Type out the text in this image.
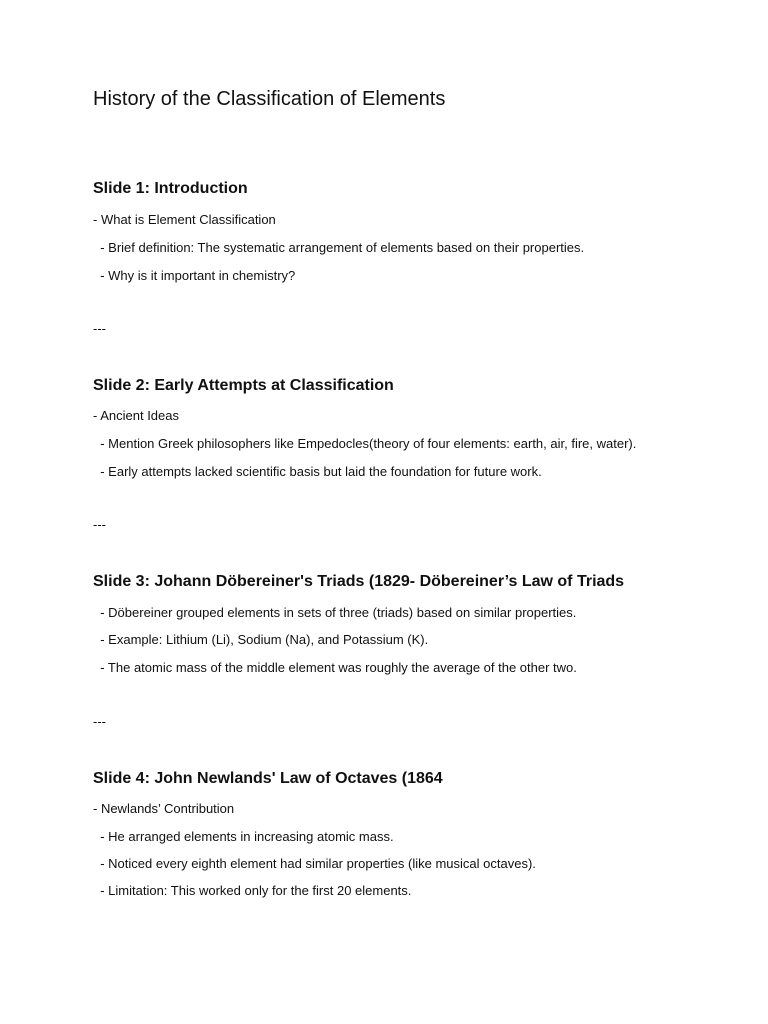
History of the Classification of Elements
Slide 1: Introduction

- What is Element Classification

- Brief definition: The systematic arrangement of elements based on their properties.

- Why is it important in chemistry?

---

Slide 2: Early Attempts at Classification

- Ancient Ideas

- Mention Greek philosophers like Empedocles(theory of four elements: earth, air, fire, water).

- Early attempts lacked scientific basis but laid the foundation for future work.

---

Slide 3: Johann Döbereiner's Triads (1829- Döbereiner’s Law of Triads

- Döbereiner grouped elements in sets of three (triads) based on similar properties.

- Example: Lithium (Li), Sodium (Na), and Potassium (K).

- The atomic mass of the middle element was roughly the average of the other two.

---

Slide 4: John Newlands' Law of Octaves (1864

- Newlands’ Contribution

- He arranged elements in increasing atomic mass.

- Noticed every eighth element had similar properties (like musical octaves).

- Limitation: This worked only for the first 20 elements.
